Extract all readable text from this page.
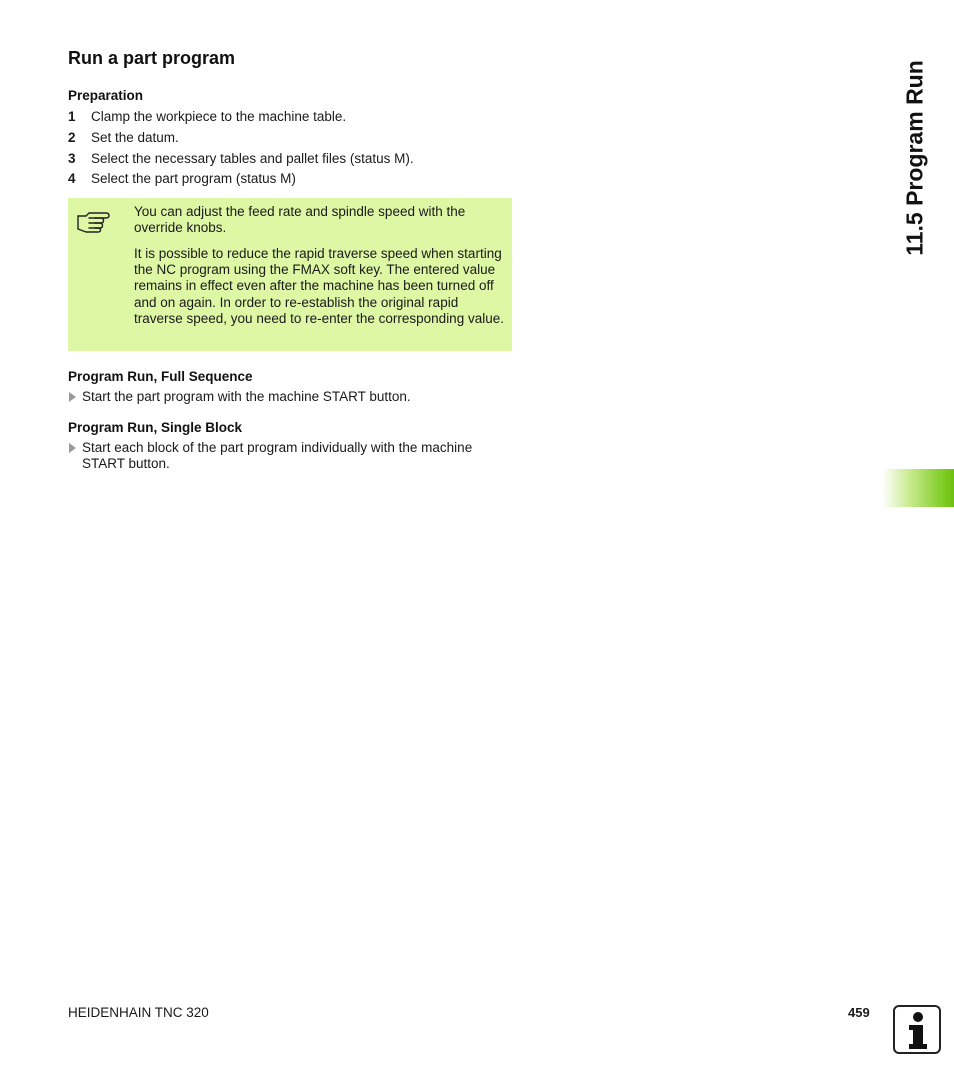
Run a part program
11.5 Program Run
Preparation
1	Clamp the workpiece to the machine table.
2	Set the datum.
3	Select the necessary tables and pallet files (status M).
4	Select the part program (status M)

You can adjust the feed rate and spindle speed with the override knobs.

It is possible to reduce the rapid traverse speed when starting the NC program using the FMAX soft key. The entered value remains in effect even after the machine has been turned off and on again. In order to re-establish the original rapid traverse speed, you need to re-enter the corresponding value.

Program Run, Full Sequence
Start the part program with the machine START button.
Program Run, Single Block
Start each block of the part program individually with the machine START button.
HEIDENHAIN TNC 320	459
